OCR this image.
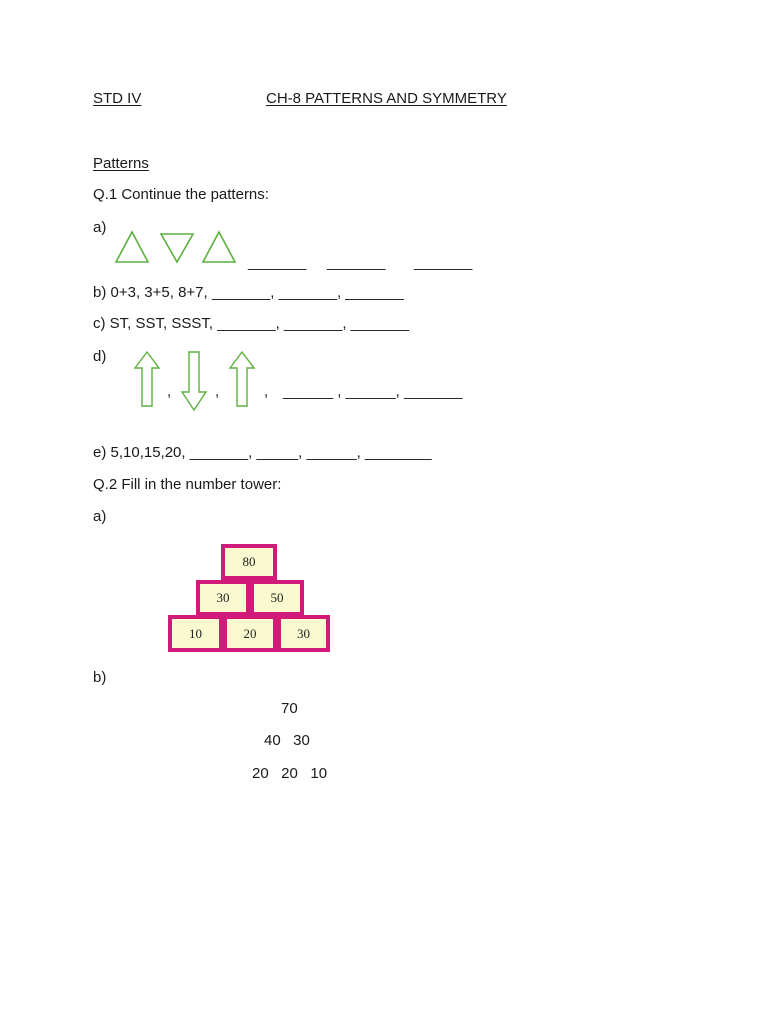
STD IV	CH-8 PATTERNS AND SYMMETRY
Patterns
Q.1 Continue the patterns:
a)
_______ _______ _______
b) 0+3, 3+5, 8+7, _______, _______, _______
c) ST, SST, SSST, _______, _______, _______
d)
,	,	, ______ , ______, _______
e) 5,10,15,20, _______, _____, ______, ________
Q.2 Fill in the number tower:
a)
80
30	50
10	20	30
b)
70
40   30
20   20   10
